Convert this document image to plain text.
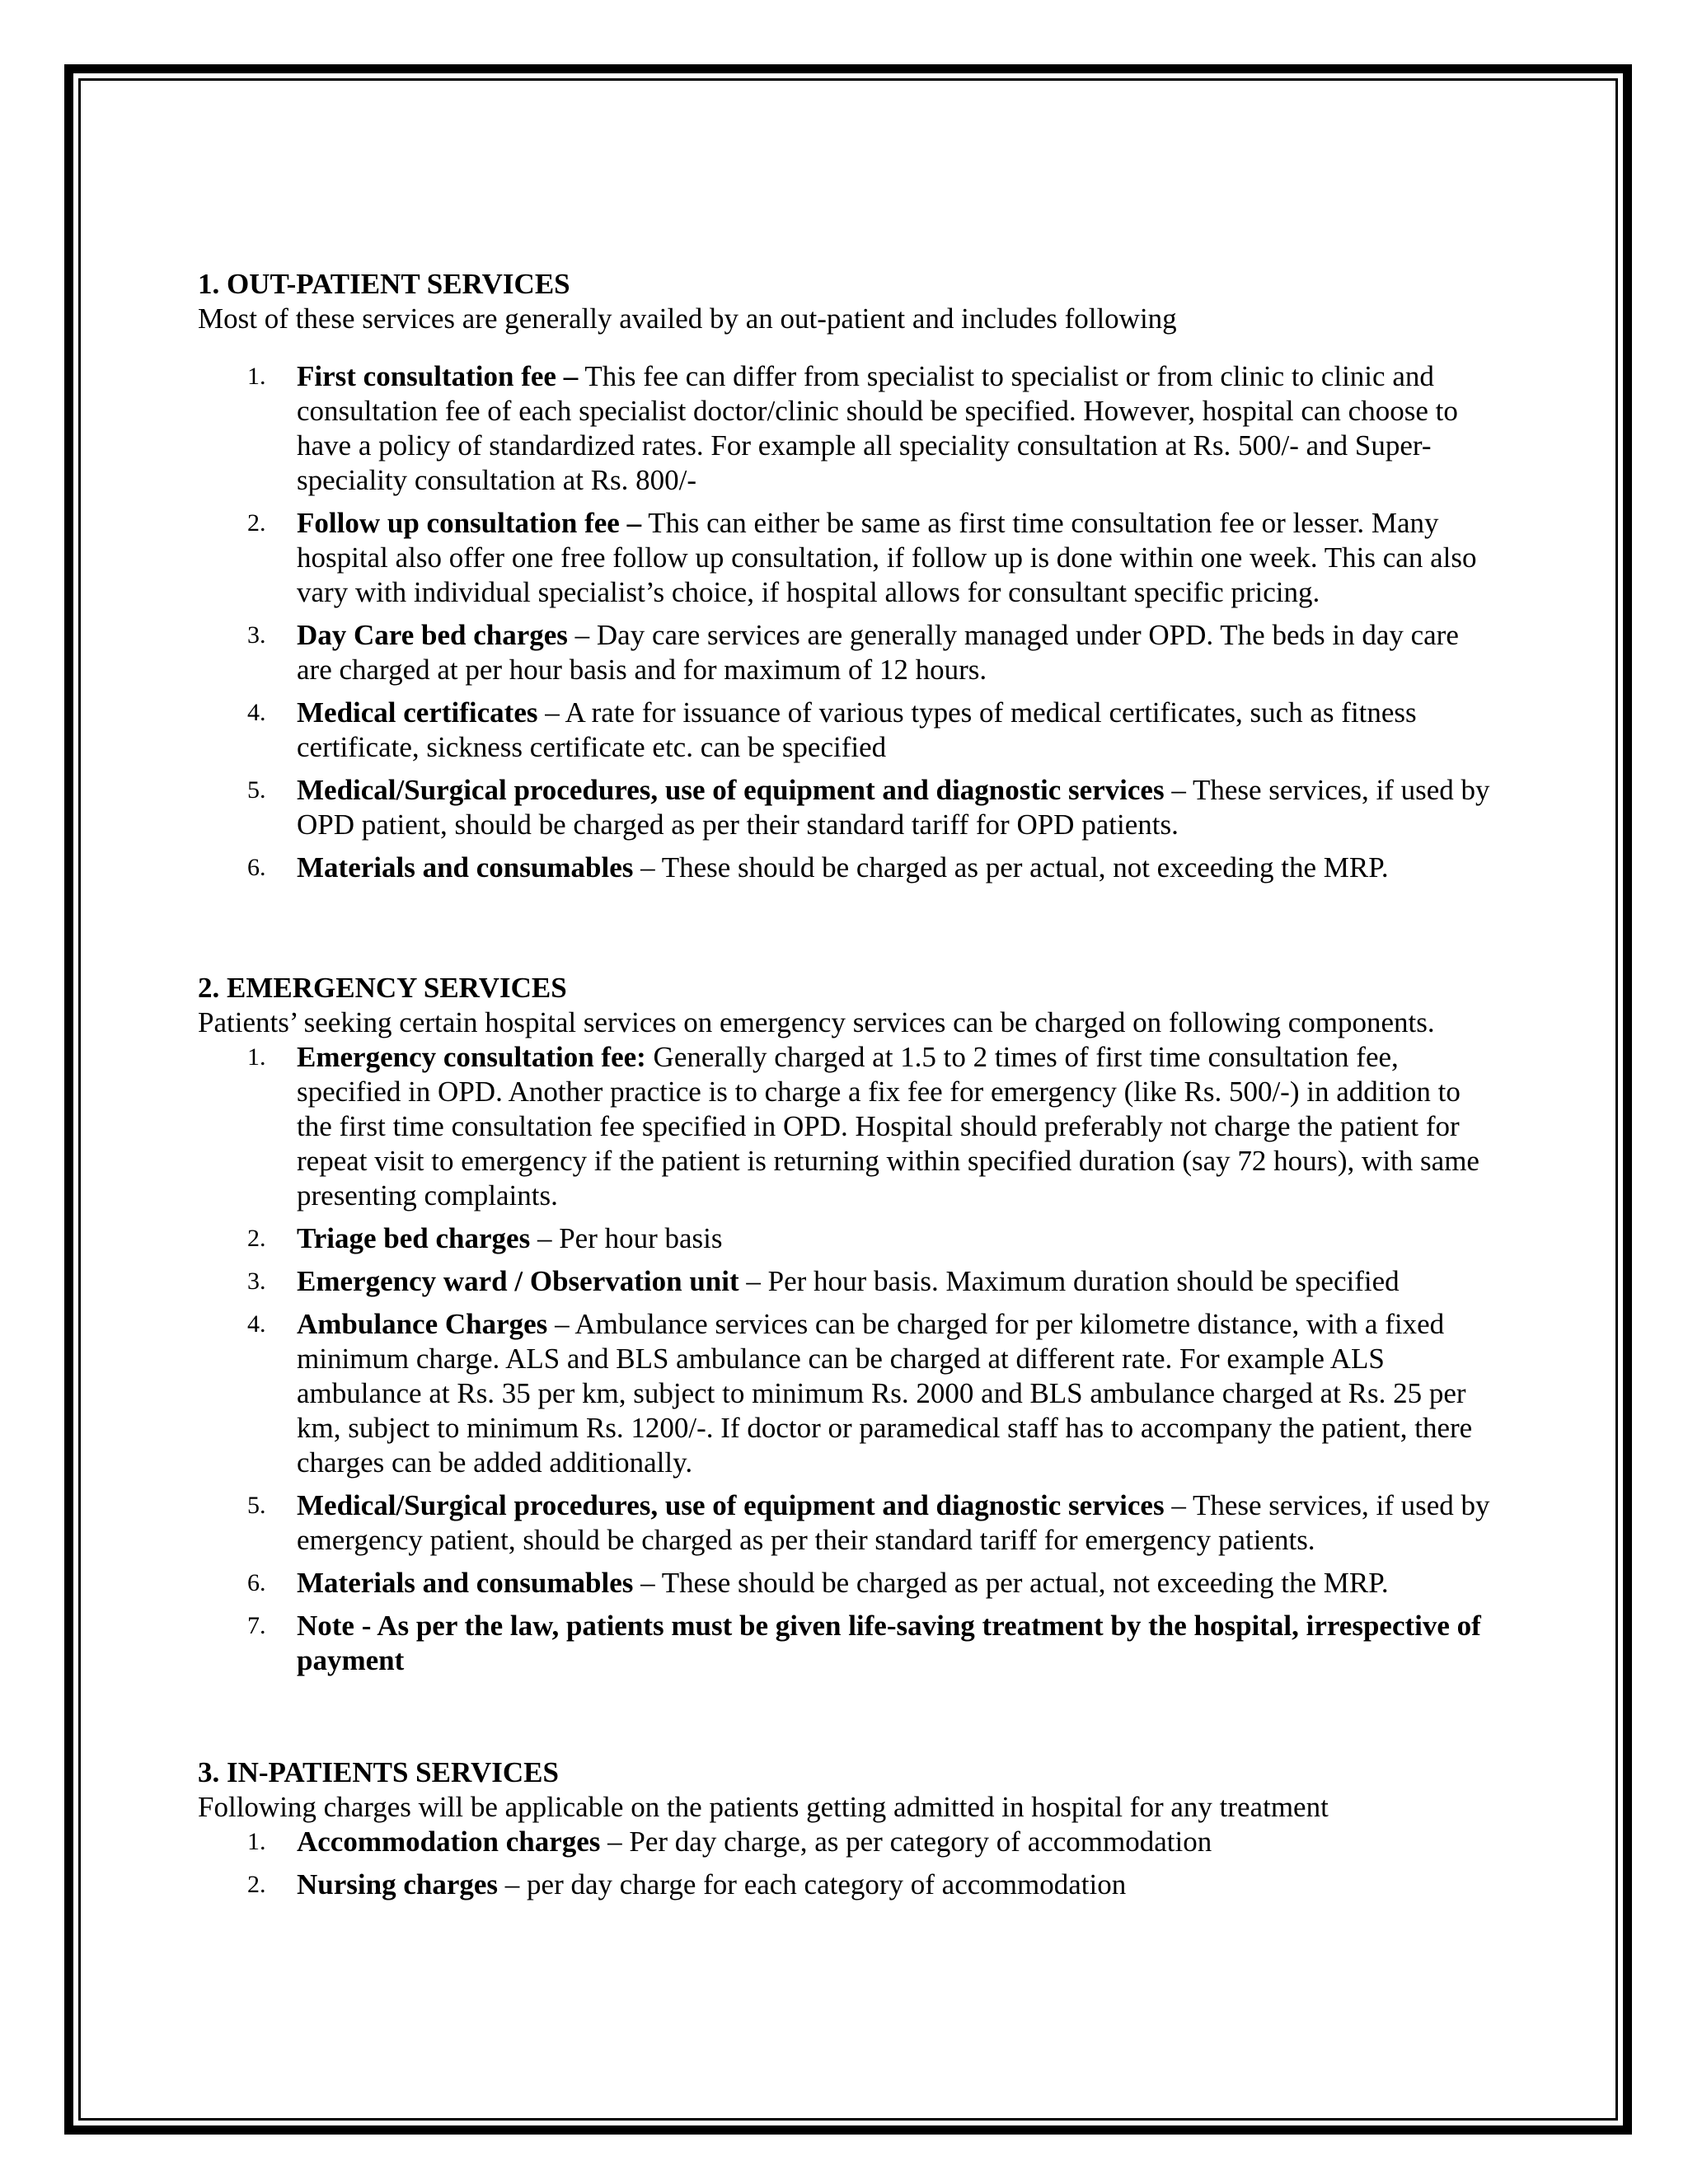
1. OUT-PATIENT SERVICES

Most of these services are generally availed by an out-patient and includes following

1. First consultation fee – This fee can differ from specialist to specialist or from clinic to clinic and consultation fee of each specialist doctor/clinic should be specified. However, hospital can choose to have a policy of standardized rates. For example all speciality consultation at Rs. 500/- and Super-speciality consultation at Rs. 800/-
2. Follow up consultation fee – This can either be same as first time consultation fee or lesser. Many hospital also offer one free follow up consultation, if follow up is done within one week. This can also vary with individual specialist’s choice, if hospital allows for consultant specific pricing.
3. Day Care bed charges – Day care services are generally managed under OPD. The beds in day care are charged at per hour basis and for maximum of 12 hours.
4. Medical certificates – A rate for issuance of various types of medical certificates, such as fitness certificate, sickness certificate etc. can be specified
5. Medical/Surgical procedures, use of equipment and diagnostic services – These services, if used by OPD patient, should be charged as per their standard tariff for OPD patients.
6. Materials and consumables – These should be charged as per actual, not exceeding the MRP.

2. EMERGENCY SERVICES

Patients’ seeking certain hospital services on emergency services can be charged on following components.

1. Emergency consultation fee: Generally charged at 1.5 to 2 times of first time consultation fee, specified in OPD. Another practice is to charge a fix fee for emergency (like Rs. 500/-) in addition to the first time consultation fee specified in OPD. Hospital should preferably not charge the patient for repeat visit to emergency if the patient is returning within specified duration (say 72 hours), with same presenting complaints.
2. Triage bed charges – Per hour basis
3. Emergency ward / Observation unit – Per hour basis. Maximum duration should be specified
4. Ambulance Charges – Ambulance services can be charged for per kilometre distance, with a fixed minimum charge. ALS and BLS ambulance can be charged at different rate. For example ALS ambulance at Rs. 35 per km, subject to minimum Rs. 2000 and BLS ambulance charged at Rs. 25 per km, subject to minimum Rs. 1200/-. If doctor or paramedical staff has to accompany the patient, there charges can be added additionally.
5. Medical/Surgical procedures, use of equipment and diagnostic services – These services, if used by emergency patient, should be charged as per their standard tariff for emergency patients.
6. Materials and consumables – These should be charged as per actual, not exceeding the MRP.
7. Note - As per the law, patients must be given life-saving treatment by the hospital, irrespective of payment

3. IN-PATIENTS SERVICES

Following charges will be applicable on the patients getting admitted in hospital for any treatment

1. Accommodation charges – Per day charge, as per category of accommodation
2. Nursing charges – per day charge for each category of accommodation
